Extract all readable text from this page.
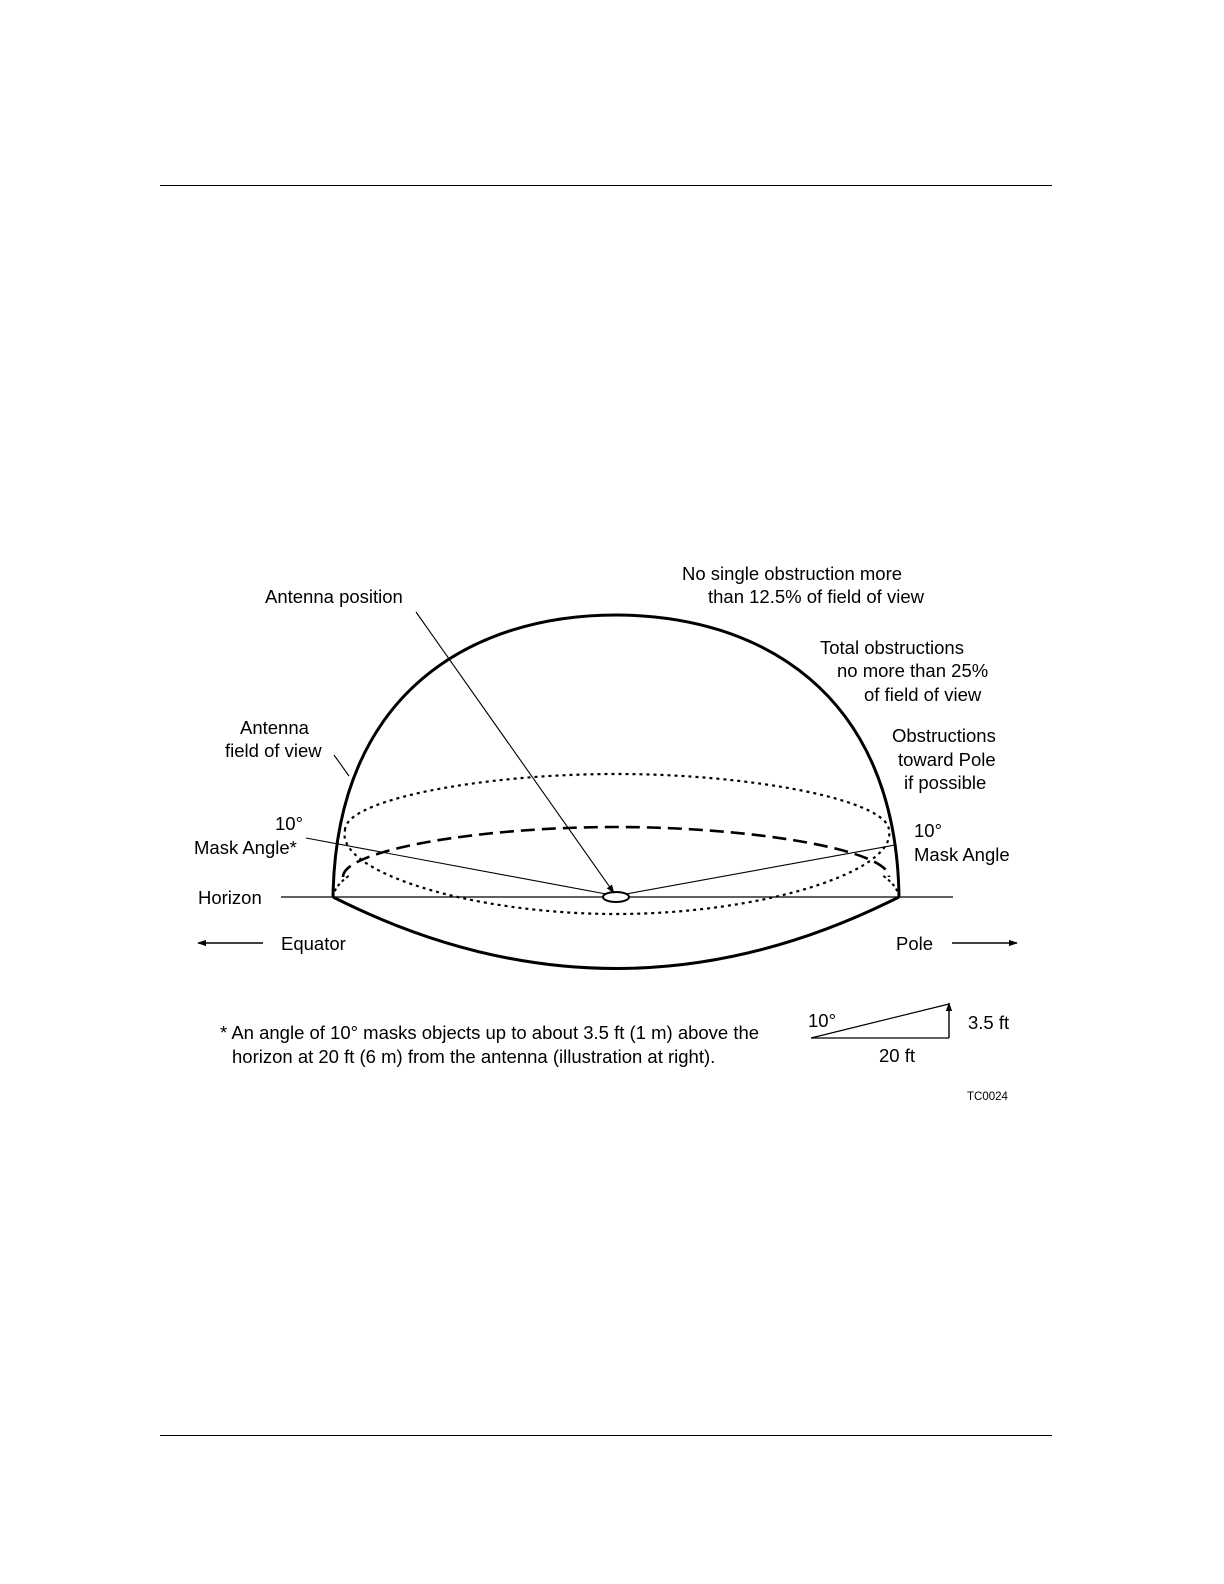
Antenna position
No single obstruction more
than 12.5% of field of view
Total obstructions
no more than 25%
of field of view
Obstructions
toward Pole
if possible
Antenna
field of view
10°
Mask Angle*
10°
Mask Angle
Horizon
Equator	Pole
* An angle of 10° masks objects up to about 3.5 ft (1 m) above the
horizon at 20 ft (6 m) from the antenna (illustration at right).
10°	3.5 ft
20 ft
TC0024
